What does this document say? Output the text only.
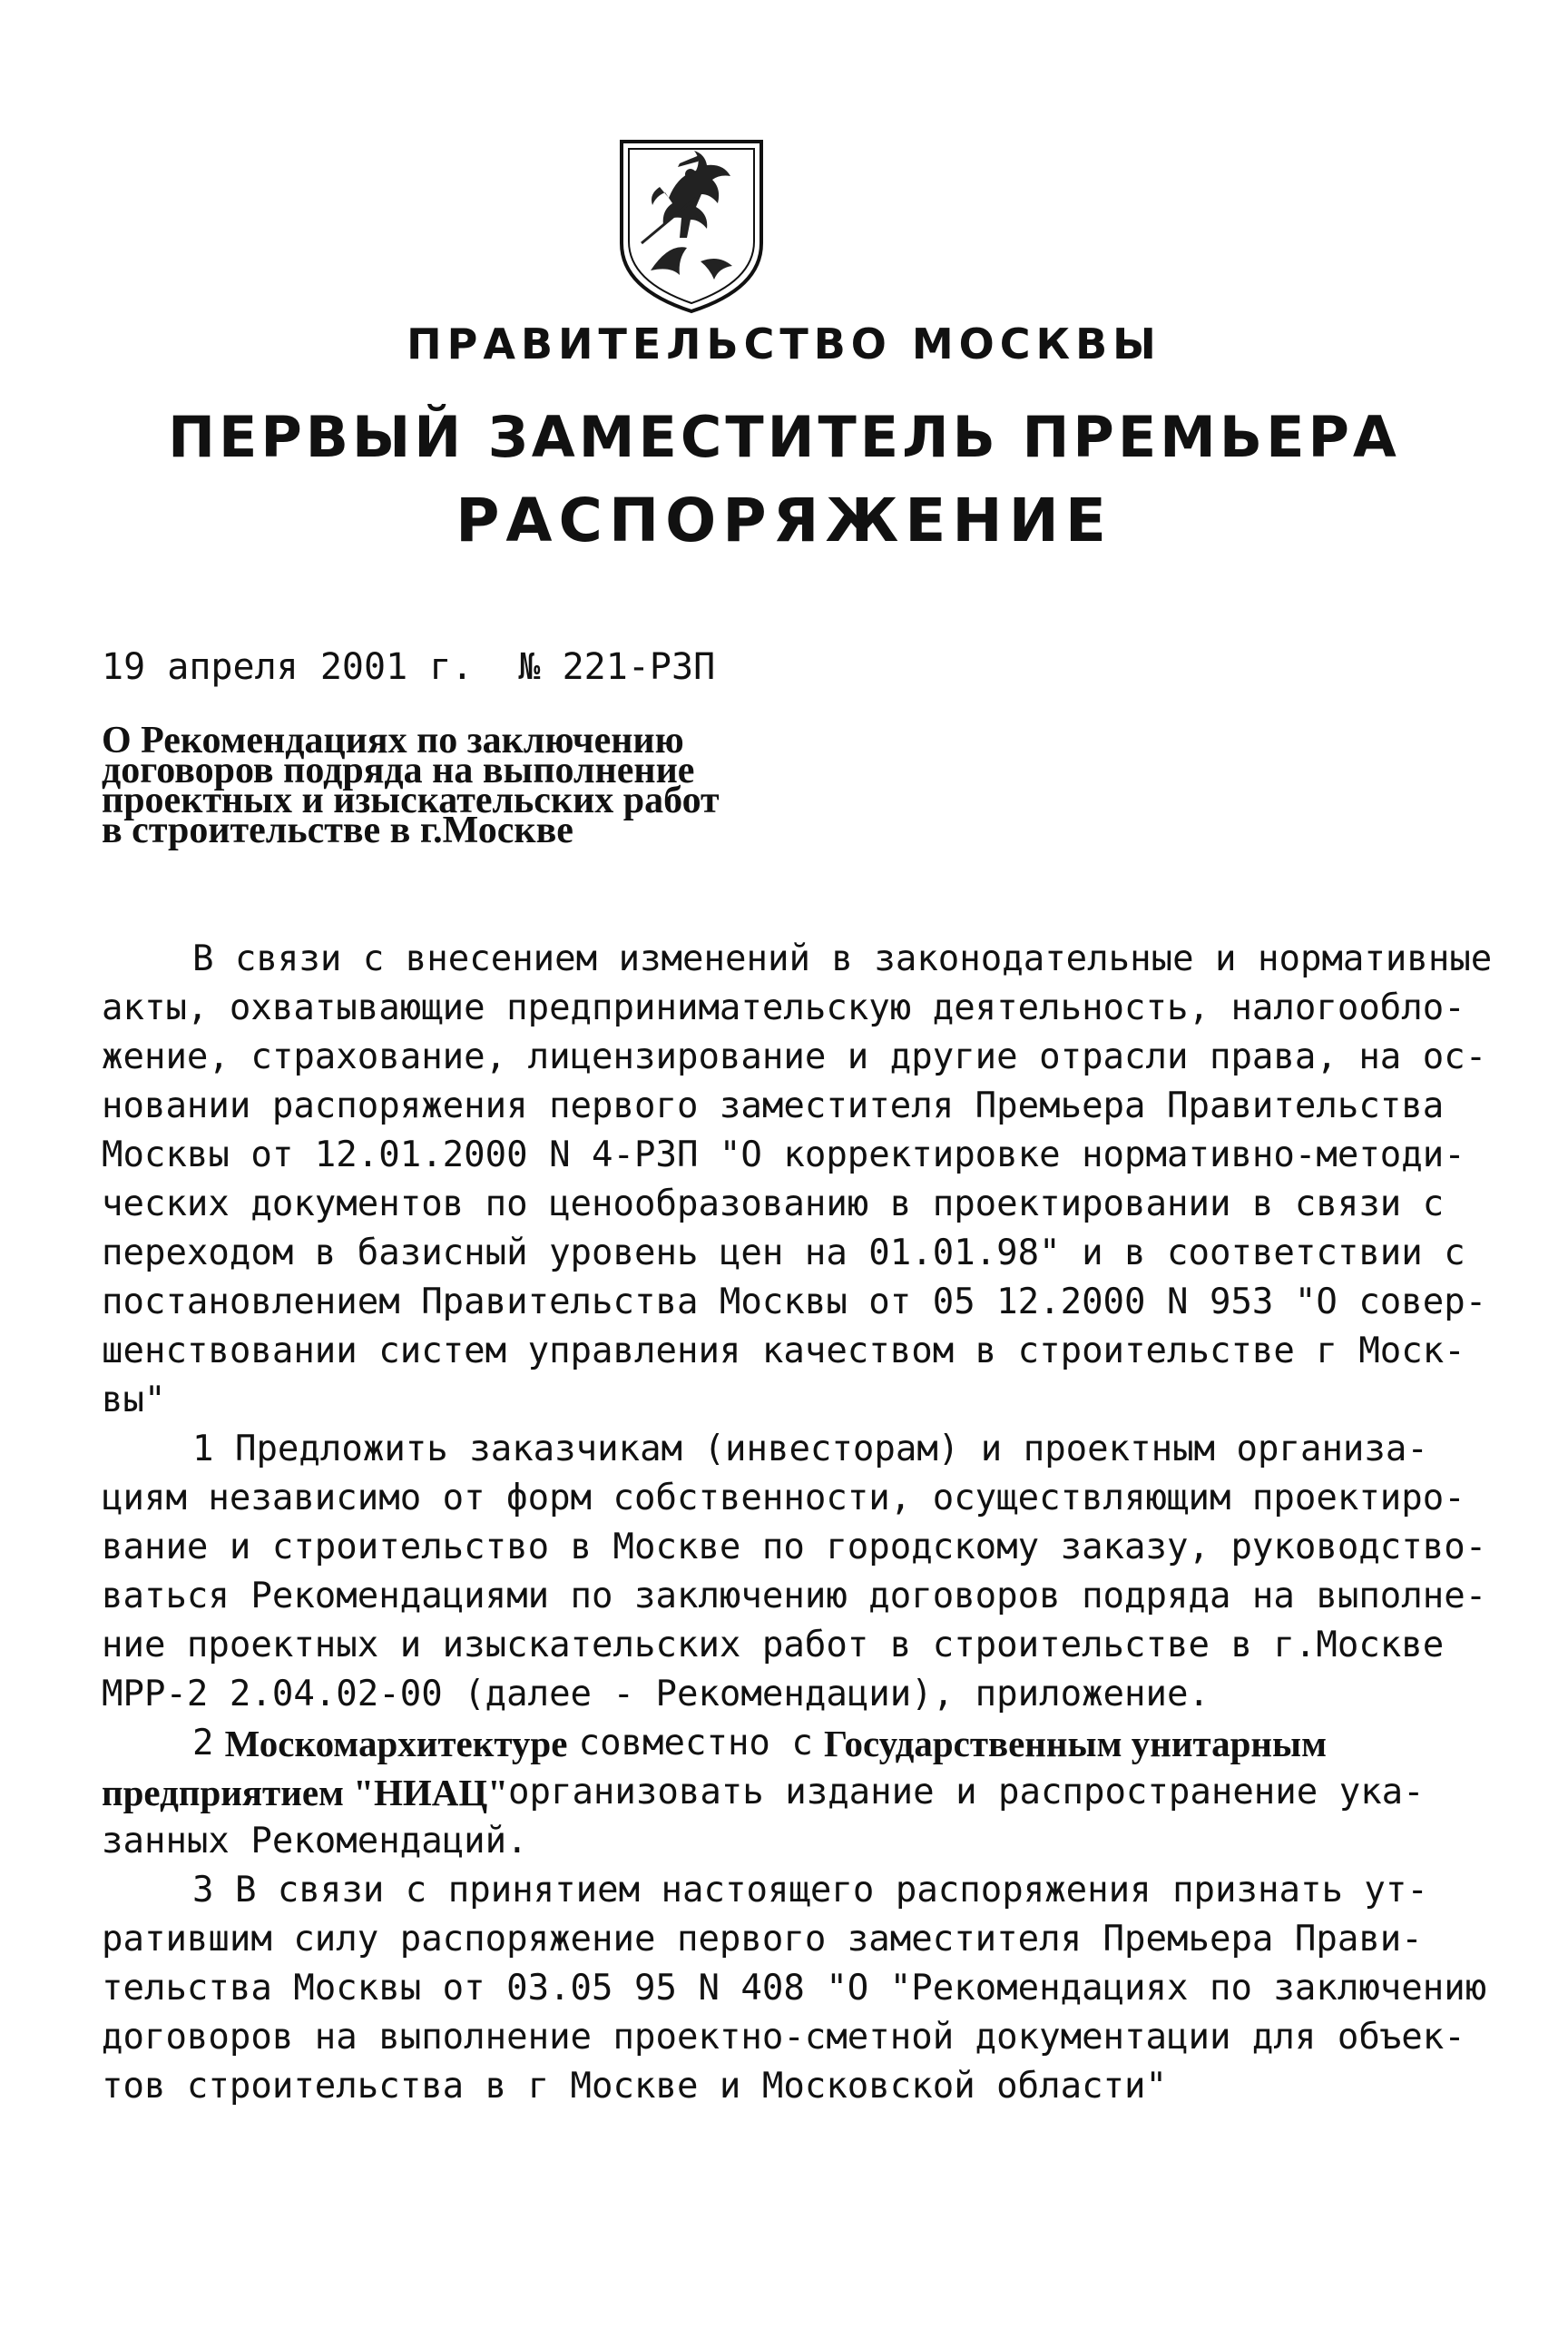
ПРАВИТЕЛЬСТВО МОСКВЫ
ПЕРВЫЙ ЗАМЕСТИТЕЛЬ ПРЕМЬЕРА
РАСПОРЯЖЕНИЕ
19 апреля 2001 г. № 221-РЗП
О Рекомендациях по заключению
договоров подряда на выполнение
проектных и изыскательских работ
в строительстве в г.Москве
В связи с внесением изменений в законодательные и нормативные
акты, охватывающие предпринимательскую деятельность, налогообло-
жение, страхование, лицензирование и другие отрасли права, на ос-
новании распоряжения первого заместителя Премьера Правительства
Москвы от 12.01.2000 N 4-РЗП "О корректировке нормативно-методи-
ческих документов по ценообразованию в проектировании в связи с
переходом в базисный уровень цен на 01.01.98" и в соответствии с
постановлением Правительства Москвы от 05 12.2000 N 953 "О совер-
шенствовании систем управления качеством в строительстве г Моск-
вы"
1 Предложить заказчикам (инвесторам) и проектным организа-
циям независимо от форм собственности, осуществляющим проектиро-
вание и строительство в Москве по городскому заказу, руководство-
ваться Рекомендациями по заключению договоров подряда на выполне-
ние проектных и изыскательских работ в строительстве в г.Москве
МРР-2 2.04.02-00 (далее - Рекомендации), приложение.
2 Москомархитектуре совместно с Государственным унитарным
предприятием "НИАЦ" организовать издание и распространение ука-
занных Рекомендаций.
3 В связи с принятием настоящего распоряжения признать ут-
ратившим силу распоряжение первого заместителя Премьера Прави-
тельства Москвы от 03.05 95 N 408 "О "Рекомендациях по заключению
договоров на выполнение проектно-сметной документации для объек-
тов строительства в г Москве и Московской области"
